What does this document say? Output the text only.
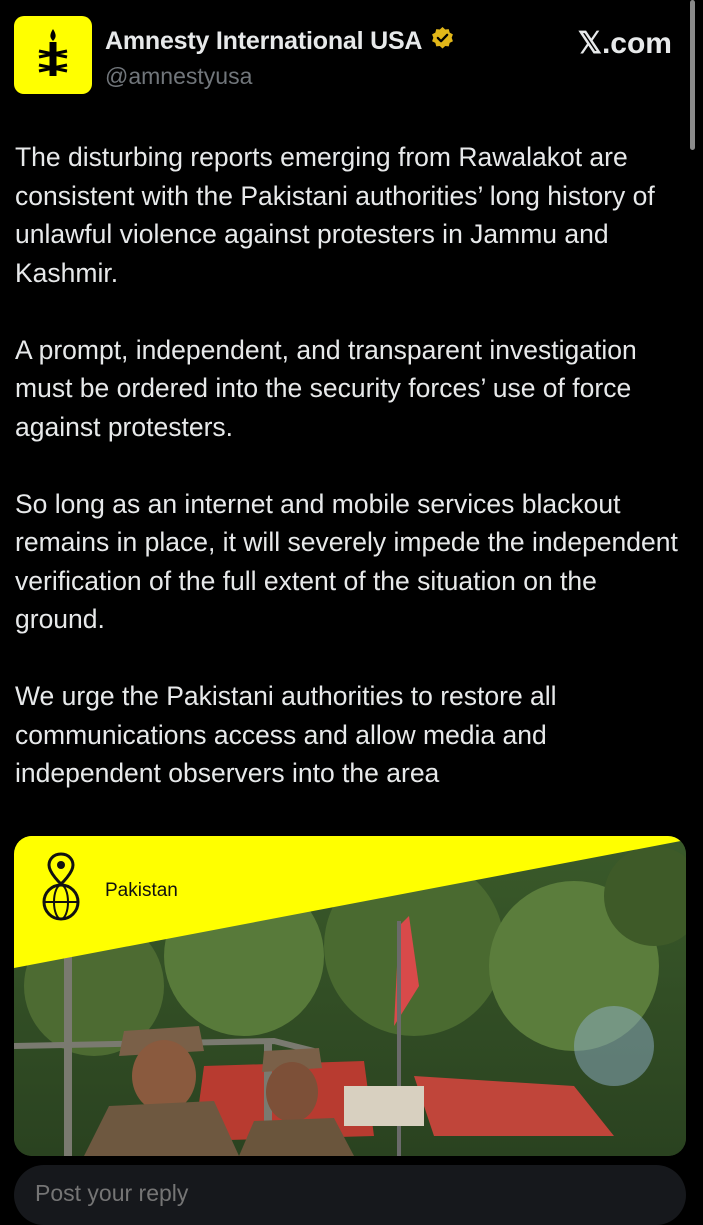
Amnesty International USA
@amnestyusa
𝕏.com

The disturbing reports emerging from Rawalakot are consistent with the Pakistani authorities’ long history of unlawful violence against protesters in Jammu and Kashmir.

A prompt, independent, and transparent investigation must be ordered into the security forces’ use of force against protesters.

So long as an internet and mobile services blackout remains in place, it will severely impede the independent verification of the full extent of the situation on the ground.

We urge the Pakistani authorities to restore all communications access and allow media and independent observers into the area

Pakistan
Post your reply
